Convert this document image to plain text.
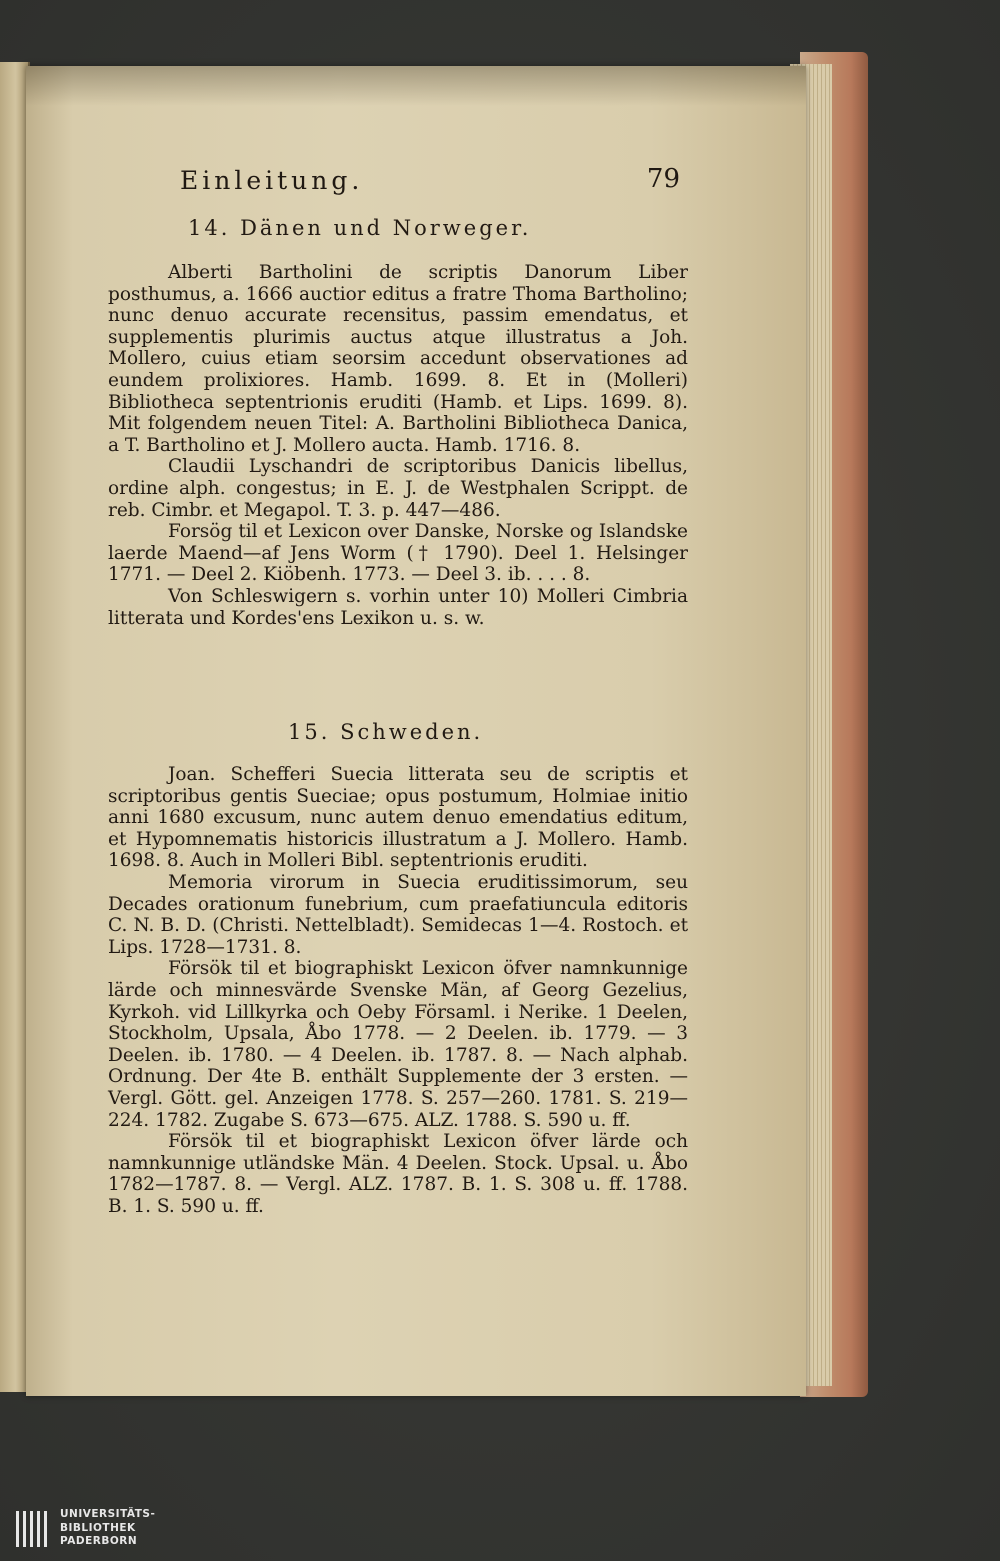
Einleitung.	79
14. Dänen und Norweger.

Alberti Bartholini de scriptis Danorum Liber posthumus, a. 1666 auctior editus a fratre Thoma Bartholino; nunc denuo accurate recensitus, passim emendatus, et supplementis plurimis auctus atque illustratus a Joh. Mollero, cuius etiam seorsim accedunt observationes ad eundem prolixiores. Hamb. 1699. 8. Et in (Molleri) Bibliotheca septentrionis eruditi (Hamb. et Lips. 1699. 8). Mit folgendem neuen Titel: A. Bartholini Bibliotheca Danica, a T. Bartholino et J. Mollero aucta. Hamb. 1716. 8.

Claudii Lyschandri de scriptoribus Danicis libellus, ordine alph. congestus; in E. J. de Westphalen Scrippt. de reb. Cimbr. et Megapol. T. 3. p. 447—486.

Forsög til et Lexicon over Danske, Norske og Islandske laerde Maend—af Jens Worm († 1790). Deel 1. Helsinger 1771. — Deel 2. Kiöbenh. 1773. — Deel 3. ib. . . . 8.

Von Schleswigern s. vorhin unter 10) Molleri Cimbria litterata und Kordes'ens Lexikon u. s. w.

15. Schweden.

Joan. Schefferi Suecia litterata seu de scriptis et scriptoribus gentis Sueciae; opus postumum, Holmiae initio anni 1680 excusum, nunc autem denuo emendatius editum, et Hypomnematis historicis illustratum a J. Mollero. Hamb. 1698. 8. Auch in Molleri Bibl. septentrionis eruditi.

Memoria virorum in Suecia eruditissimorum, seu Decades orationum funebrium, cum praefatiuncula editoris C. N. B. D. (Christi. Nettelbladt). Semidecas 1—4. Rostoch. et Lips. 1728—1731. 8.

Försök til et biographiskt Lexicon öfver namnkunnige lärde och minnesvärde Svenske Män, af Georg Gezelius, Kyrkoh. vid Lillkyrka och Oeby Församl. i Nerike. 1 Deelen, Stockholm, Upsala, Åbo 1778. — 2 Deelen. ib. 1779. — 3 Deelen. ib. 1780. — 4 Deelen. ib. 1787. 8. — Nach alphab. Ordnung. Der 4te B. enthält Supplemente der 3 ersten. — Vergl. Gött. gel. Anzeigen 1778. S. 257—260. 1781. S. 219—224. 1782. Zugabe S. 673—675. ALZ. 1788. S. 590 u. ff.

Försök til et biographiskt Lexicon öfver lärde och namnkunnige utländske Män. 4 Deelen. Stock. Upsal. u. Åbo 1782—1787. 8. — Vergl. ALZ. 1787. B. 1. S. 308 u. ff. 1788. B. 1. S. 590 u. ff.

UNIVERSITÄTS-
BIBLIOTHEK
PADERBORN
